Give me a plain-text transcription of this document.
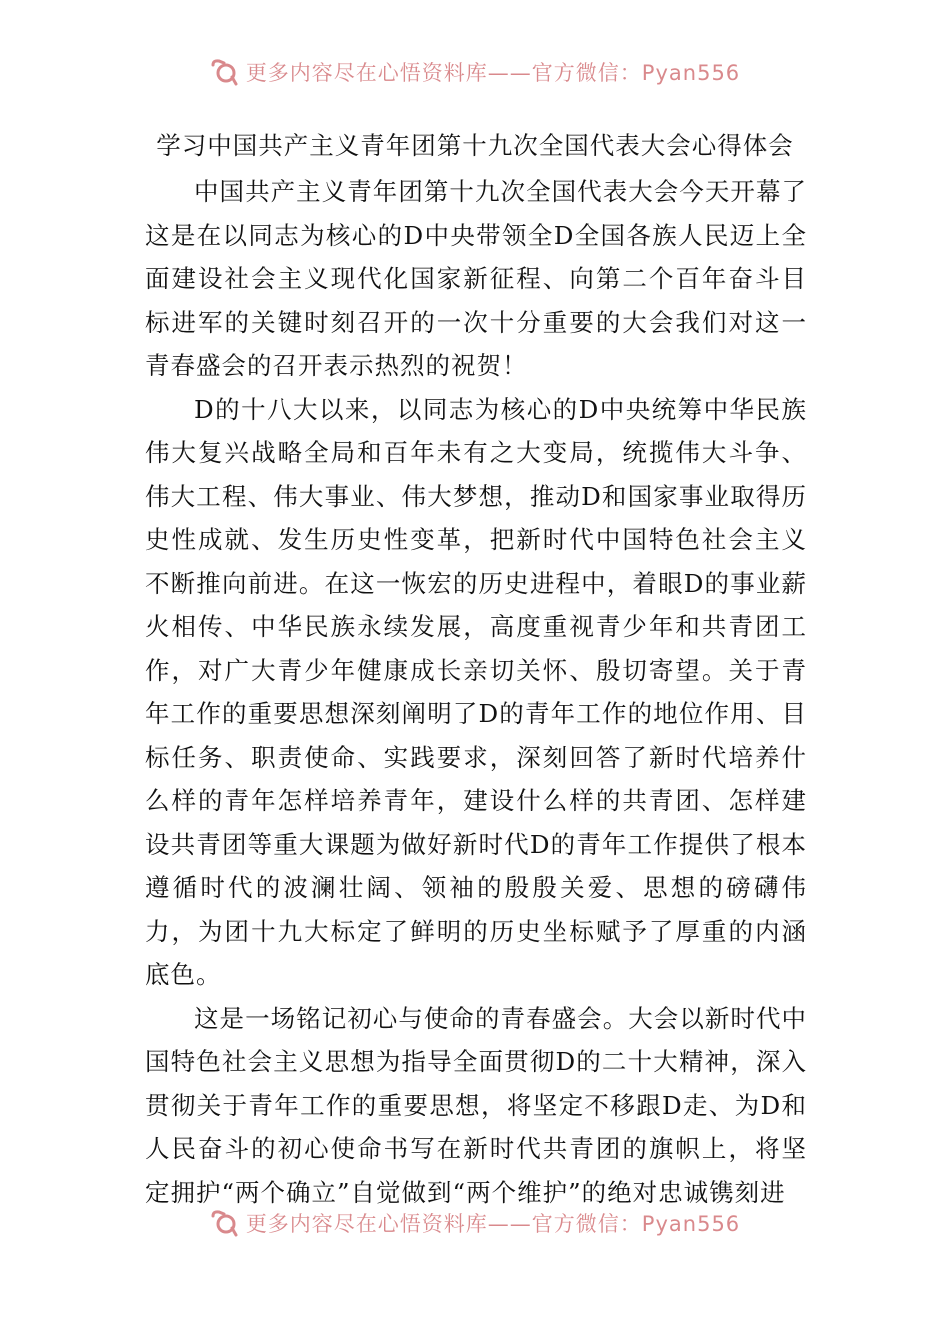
更多内容尽在心悟资料库——官方微信：Pyan556
学习中国共产主义青年团第十九次全国代表大会心得体会

中国共产主义青年团第十九次全国代表大会今天开幕了这是在以同志为核心的D中央带领全D全国各族人民迈上全面建设社会主义现代化国家新征程、向第二个百年奋斗目标进军的关键时刻召开的一次十分重要的大会我们对这一青春盛会的召开表示热烈的祝贺！

D的十八大以来，以同志为核心的D中央统筹中华民族伟大复兴战略全局和百年未有之大变局，统揽伟大斗争、伟大工程、伟大事业、伟大梦想，推动D和国家事业取得历史性成就、发生历史性变革，把新时代中国特色社会主义不断推向前进。在这一恢宏的历史进程中，着眼D的事业薪火相传、中华民族永续发展，高度重视青少年和共青团工作，对广大青少年健康成长亲切关怀、殷切寄望。关于青年工作的重要思想深刻阐明了D的青年工作的地位作用、目标任务、职责使命、实践要求，深刻回答了新时代培养什么样的青年怎样培养青年，建设什么样的共青团、怎样建设共青团等重大课题为做好新时代D的青年工作提供了根本遵循时代的波澜壮阔、领袖的殷殷关爱、思想的磅礴伟力，为团十九大标定了鲜明的历史坐标赋予了厚重的内涵底色。

这是一场铭记初心与使命的青春盛会。大会以新时代中国特色社会主义思想为指导全面贯彻D的二十大精神，深入贯彻关于青年工作的重要思想，将坚定不移跟D走、为D和人民奋斗的初心使命书写在新时代共青团的旗帜上，将坚定拥护“两个确立”自觉做到“两个维护”的绝对忠诚镌刻进

更多内容尽在心悟资料库——官方微信：Pyan556
